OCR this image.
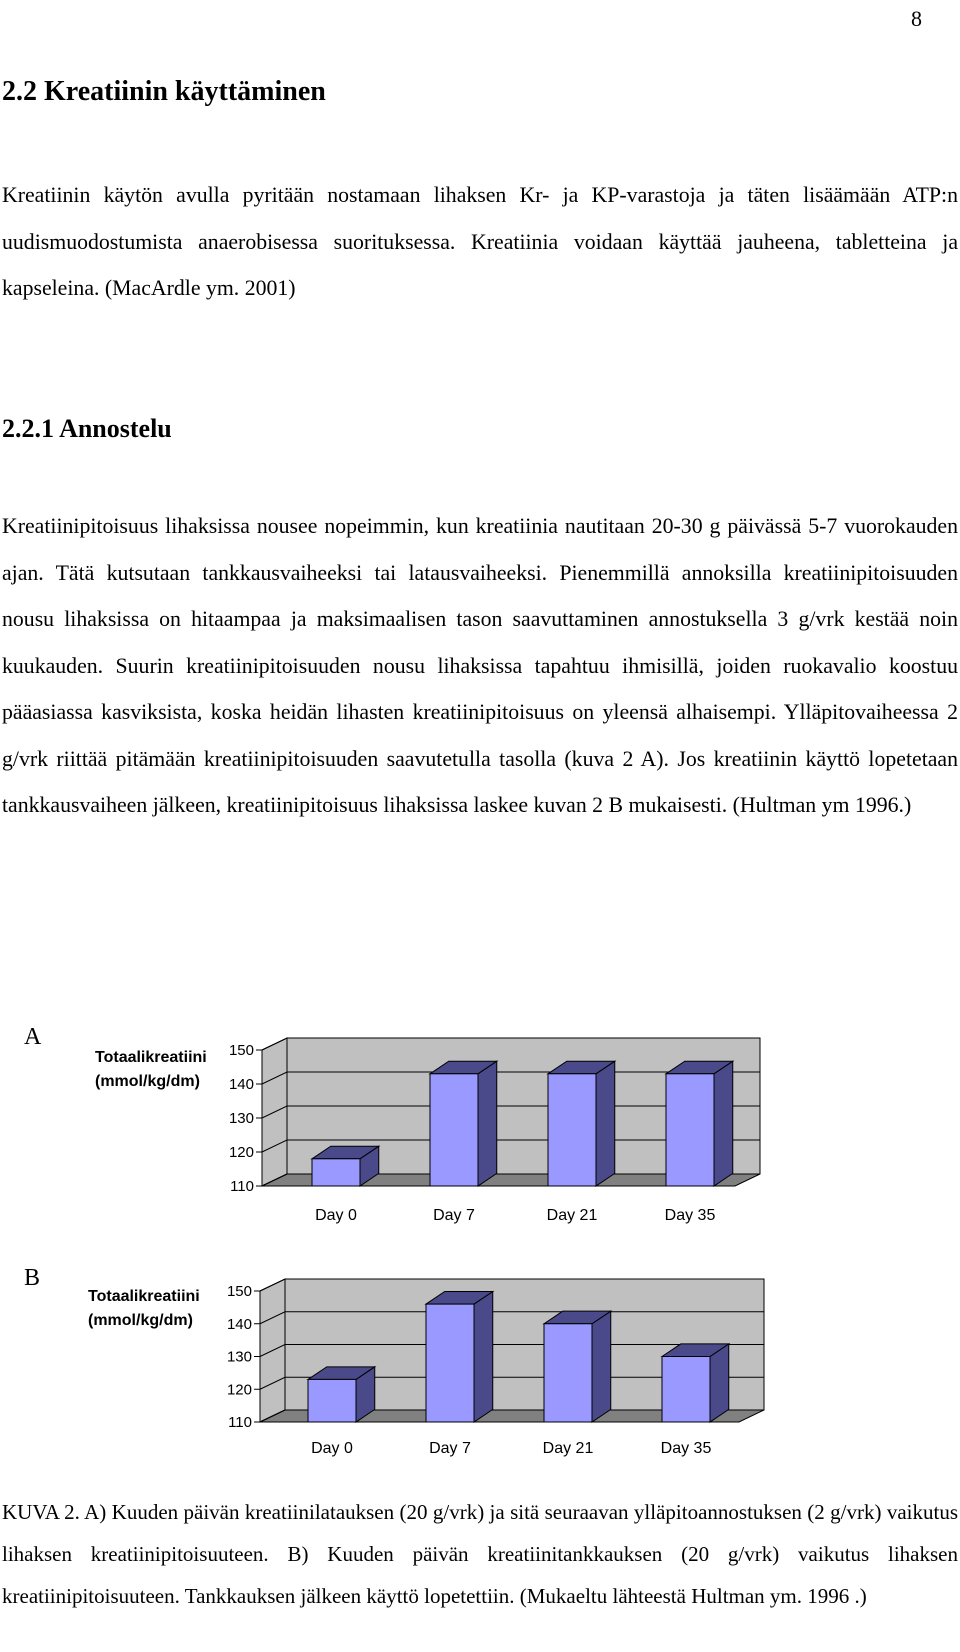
8
2.2 Kreatiinin käyttäminen

Kreatiinin käytön avulla pyritään nostamaan lihaksen Kr- ja KP-varastoja ja täten lisäämään ATP:n uudismuodostumista anaerobisessa suorituksessa. Kreatiinia voidaan käyttää jauheena, tabletteina ja kapseleina. (MacArdle ym. 2001)

2.2.1 Annostelu

Kreatiinipitoisuus lihaksissa nousee nopeimmin, kun kreatiinia nautitaan 20-30 g päivässä 5-7 vuorokauden ajan. Tätä kutsutaan tankkausvaiheeksi tai latausvaiheeksi. Pienemmillä annoksilla kreatiinipitoisuuden nousu lihaksissa on hitaampaa ja maksimaalisen tason saavuttaminen annostuksella 3 g/vrk kestää noin kuukauden. Suurin kreatiinipitoisuuden nousu lihaksissa tapahtuu ihmisillä, joiden ruokavalio koostuu pääasiassa kasviksista, koska heidän lihasten kreatiinipitoisuus on yleensä alhaisempi. Ylläpitovaiheessa 2 g/vrk riittää pitämään kreatiinipitoisuuden saavutetulla tasolla (kuva 2 A). Jos kreatiinin käyttö lopetetaan tankkausvaiheen jälkeen, kreatiinipitoisuus lihaksissa laskee kuvan 2 B mukaisesti. (Hultman ym 1996.)

110
120
130
140
150
Day 0	Day 7	Day 21	Day 35
Totaalikreatiini
(mmol/kg/dm)
A
110
120
130
140
150
Day 0	Day 7	Day 21	Day 35
Totaalikreatiini
(mmol/kg/dm)
B

KUVA 2. A) Kuuden päivän kreatiinilatauksen (20 g/vrk) ja sitä seuraavan ylläpitoannostuksen (2 g/vrk) vaikutus lihaksen kreatiinipitoisuuteen. B) Kuuden päivän kreatiinitankkauksen (20 g/vrk) vaikutus lihaksen kreatiinipitoisuuteen. Tankkauksen jälkeen käyttö lopetettiin. (Mukaeltu lähteestä Hultman ym. 1996 .)
